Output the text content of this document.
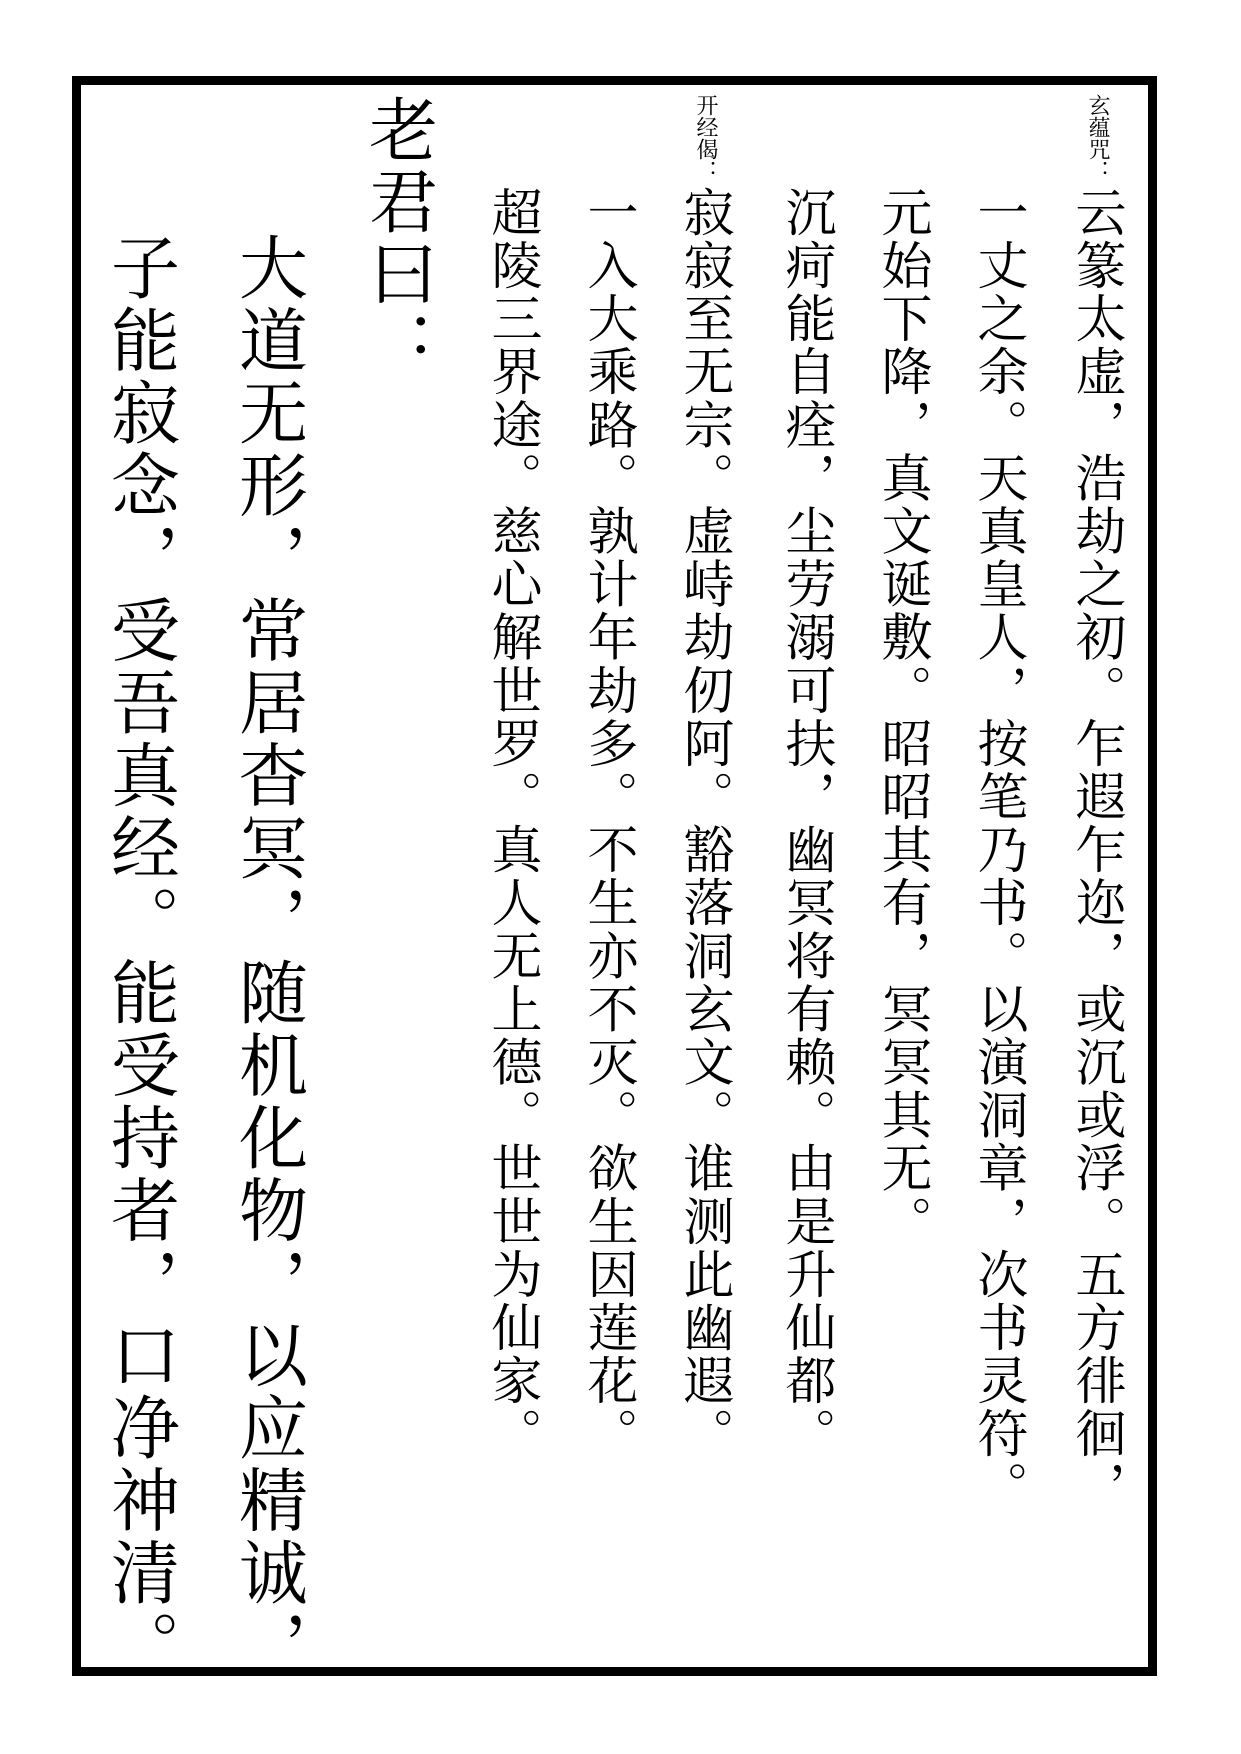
玄蕴咒：
云篆太虚，浩劫之初。乍遐乍迩，或沉或浮。五方徘徊，
一丈之余。天真皇人，按笔乃书。以演洞章，次书灵符。
元始下降，真文诞敷。昭昭其有，冥冥其无。
沉疴能自痊，尘劳溺可扶，幽冥将有赖。由是升仙都。
开经偈：
寂寂至无宗。虚峙劫仞阿。豁落洞玄文。谁测此幽遐。
一入大乘路。孰计年劫多。不生亦不灭。欲生因莲花。
超陵三界途。慈心解世罗。真人无上德。世世为仙家。
老君曰：
大道无形，常居杳冥，随机化物，以应精诚，
子能寂念，受吾真经。能受持者，口净神清。
